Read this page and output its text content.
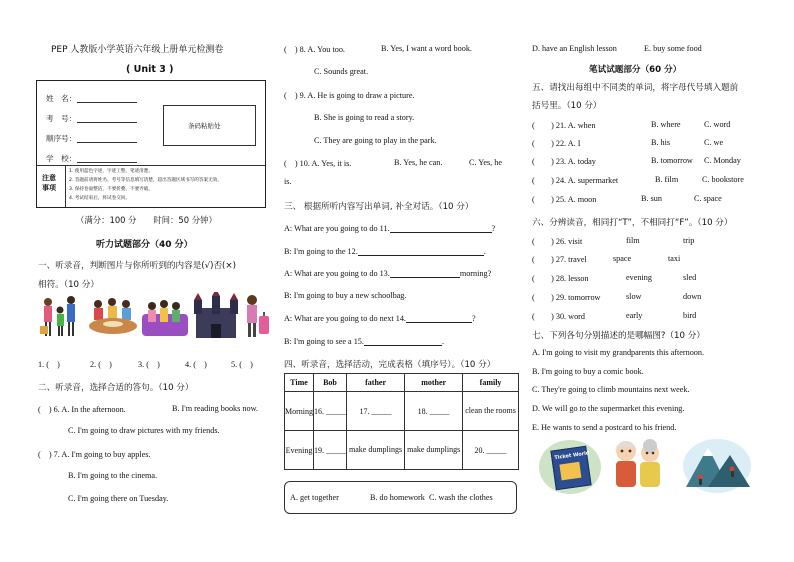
PEP 人教版小学英语六年级上册单元检测卷
( Unit 3 )
姓　名：
考　号：
顺序号：
学　校：
条码粘贴处
注意
事项
1. 使用蓝色字迹，字迹工整，笔迹清楚。
2. 答题前请将姓名、考号等信息填写清楚，超出答题区域书写的答案无效。
3. 保持卷面整洁，不要折叠、不要弄破。
4. 考试结束后，将试卷交回。
（满分：100 分　　时间：50 分钟）
听力试题部分（40 分）
一、听录音，判断图片与你所听到的内容是(√)否(×)
相符。（10 分）
1. (　)	2. (　)	3. (　)	4. (　)	5. (　)
二、听录音，选择合适的答句。（10 分）
(　) 6. A. In the afternoon.	B. I'm reading books now.
C. I'm going to draw pictures with my friends.
(　) 7. A. I'm going to buy apples.
B. I'm going to the cinema.
C. I'm going there on Tuesday.
(　) 8. A. You too.	B. Yes, I want a word book.
C. Sounds great.
(　) 9. A. He is going to draw a picture.
B. She is going to read a story.
C. They are going to play in the park.
(　) 10. A. Yes, it is.	B. Yes, he can.	C. Yes, he
is.
三、 根据所听内容写出单词, 补全对话。（10 分）
A: What are you going to do 11.	?
B: I'm going to the 12.	.
A: What are you going to do 13.	morning?
B: I'm going to buy a new schoolbag.
A: What are you going to do next 14.	?
B: I'm going to see a 15.	.
四、听录音，选择活动，完成表格（填序号）。（10 分）
Time	Bob	father	mother	family
Morning	16. _____	17. _____	18. _____	clean the rooms
Evening	19. _____	make dumplings	make dumplings	20. _____
A. get together	B. do homework C. wash the clothes
D. have an English lesson	E. buy some food
笔试试题部分（60 分）
五、请找出每组中不同类的单词，将字母代号填入题前
括号里。（10 分）
(　　) 21. A. when	B. where	C. word
(　　) 22. A. I	B. his	C. we
(　　) 23. A. today	B. tomorrow C. Monday
(　　) 24. A. supermarket	B. film	C. bookstore
(　　) 25. A. moon	B. sun	C. space
六、分辨读音，相同打“T”，不相同打“F”。（10 分）
(　　) 26. visit	film	trip
(　　) 27. travel	space	taxi
(　　) 28. lesson	evening	sled
(　　) 29. tomorrow	slow	down
(　　) 30. word	early	bird
七、下列各句分别描述的是哪幅图?（10 分）
A. I'm going to visit my grandparents this afternoon.
B. I'm going to buy a comic book.
C. They're going to climb mountains next week.
D. We will go to the supermarket this evening.
E. He wants to send a postcard to his friend.
Ticket World
